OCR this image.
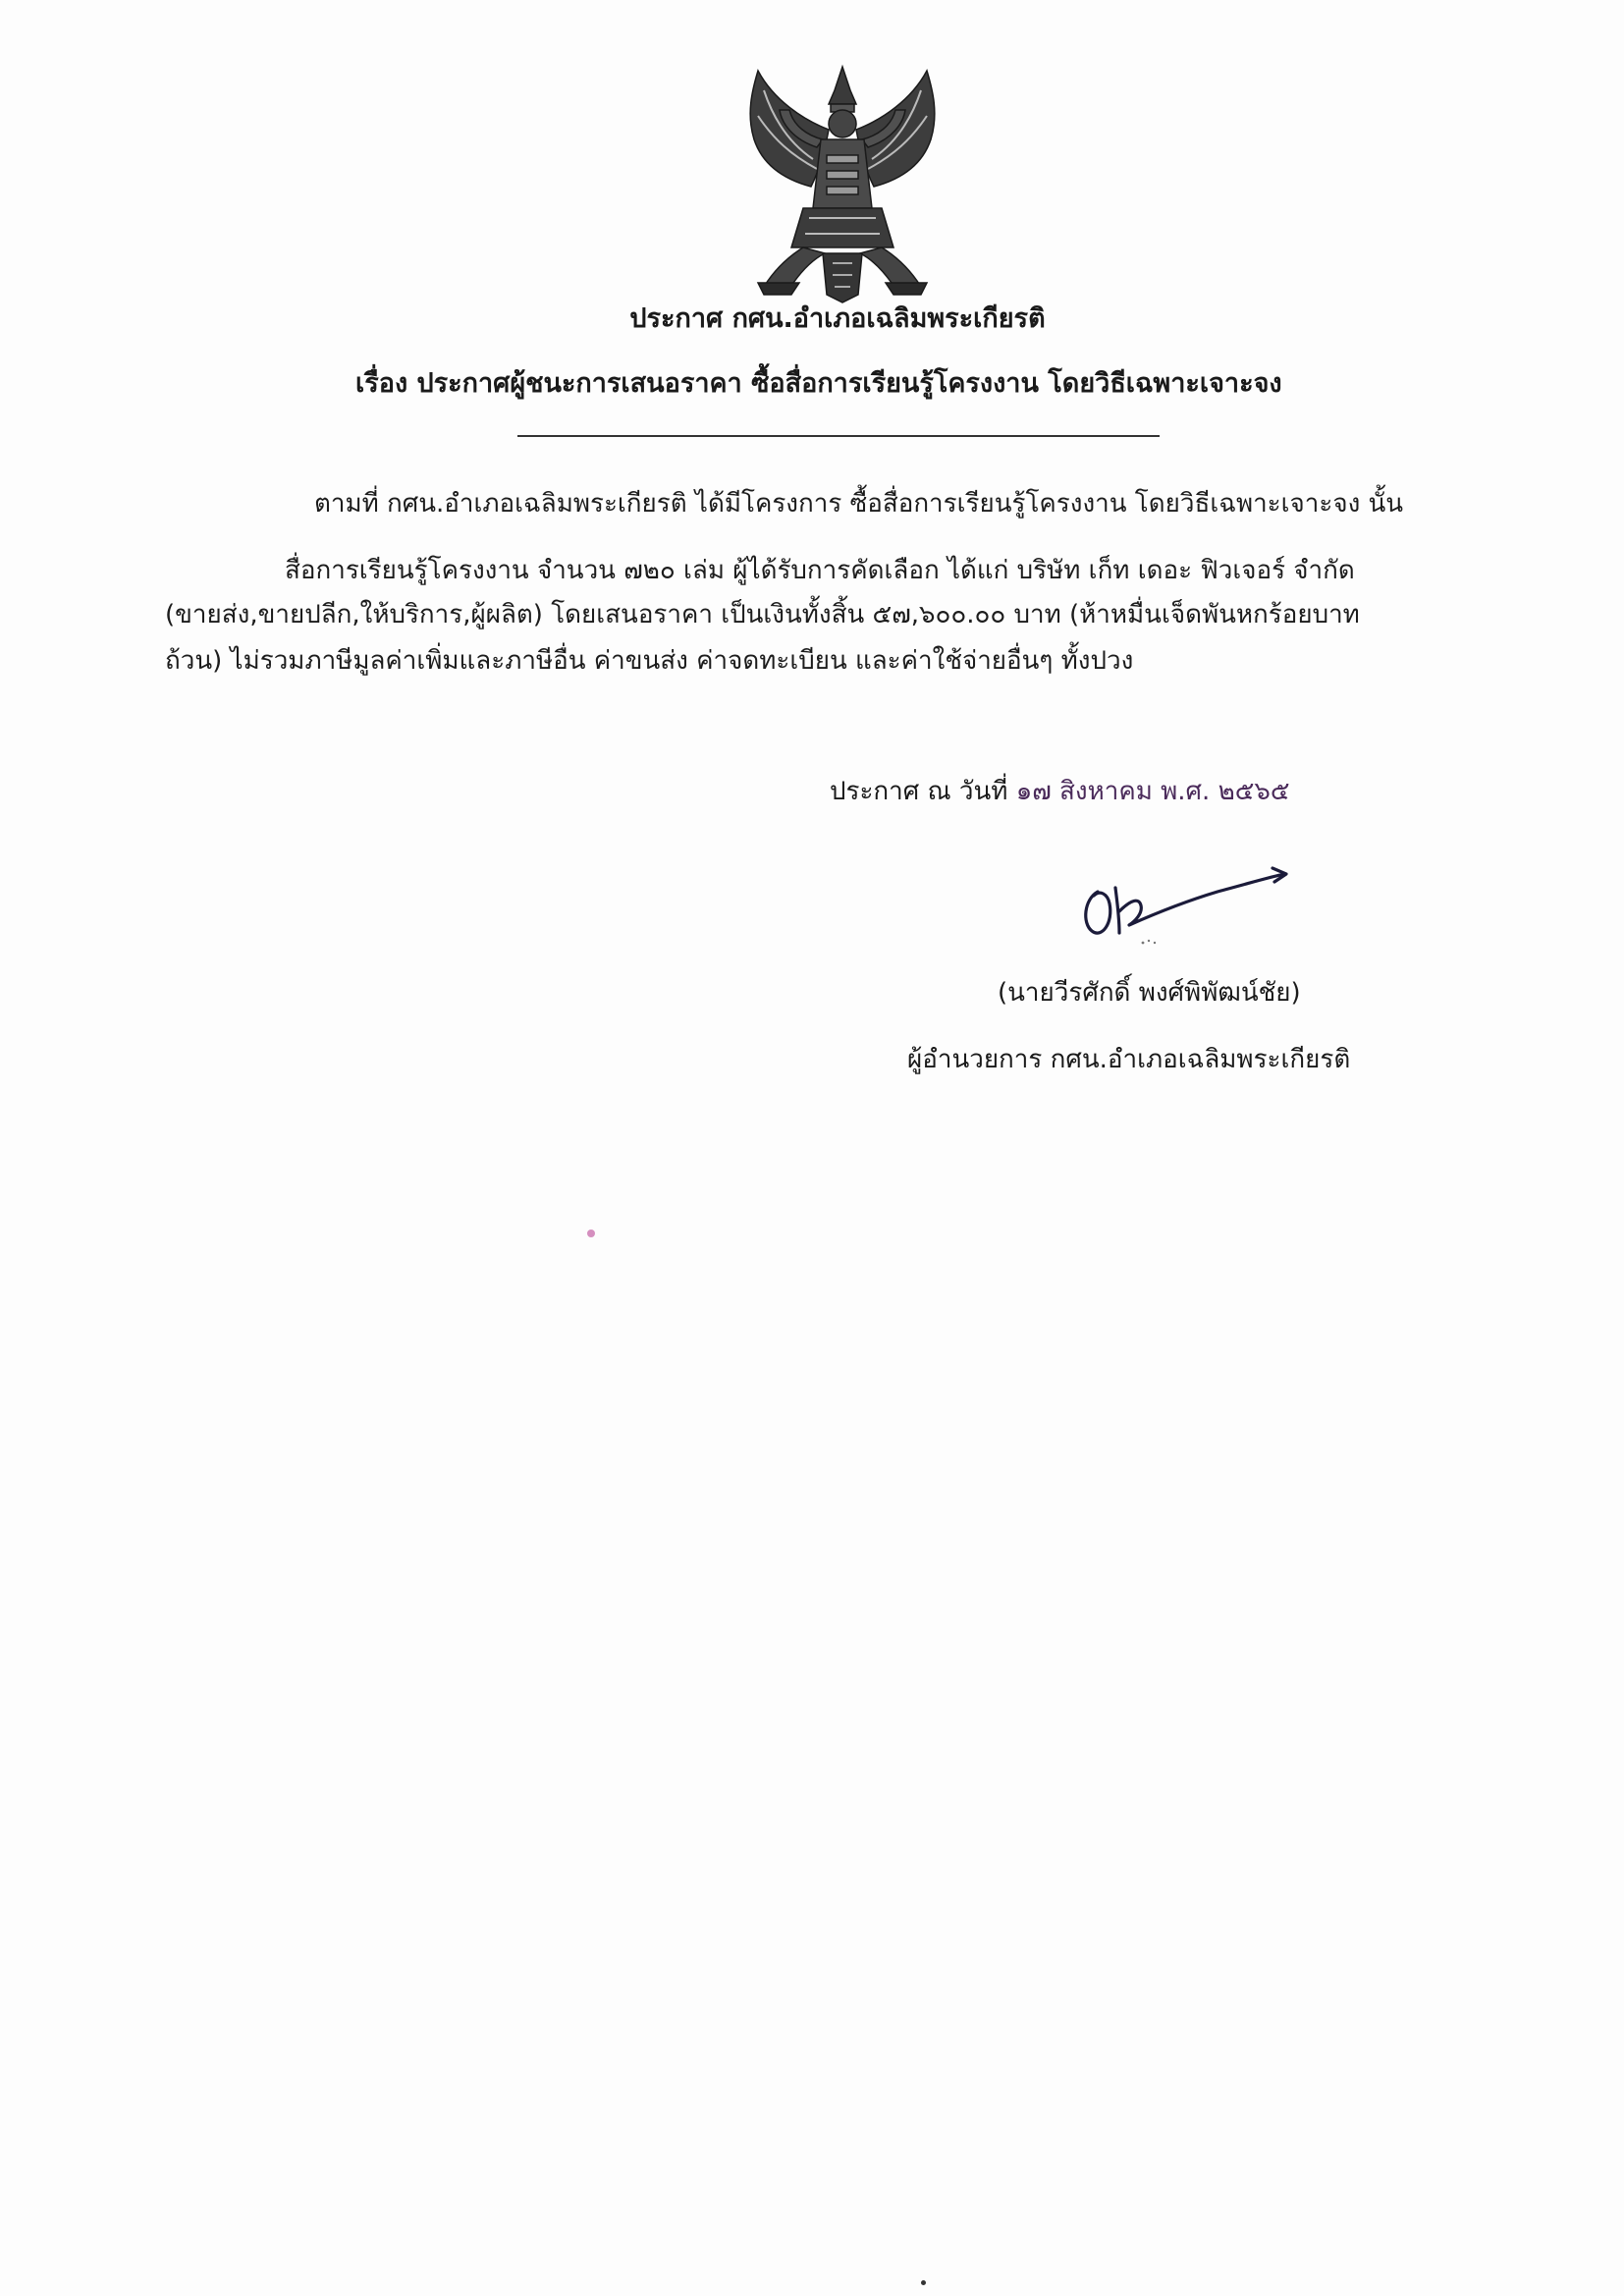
ประกาศ กศน.อำเภอเฉลิมพระเกียรติ
เรื่อง ประกาศผู้ชนะการเสนอราคา ซื้อสื่อการเรียนรู้โครงงาน โดยวิธีเฉพาะเจาะจง
ตามที่ กศน.อำเภอเฉลิมพระเกียรติ ได้มีโครงการ ซื้อสื่อการเรียนรู้โครงงาน โดยวิธีเฉพาะเจาะจง นั้น
สื่อการเรียนรู้โครงงาน จำนวน ๗๒๐ เล่ม ผู้ได้รับการคัดเลือก ได้แก่ บริษัท เก็ท เดอะ ฟิวเจอร์ จำกัด
(ขายส่ง,ขายปลีก,ให้บริการ,ผู้ผลิต) โดยเสนอราคา เป็นเงินทั้งสิ้น ๕๗,๖๐๐.๐๐ บาท (ห้าหมื่นเจ็ดพันหกร้อยบาท
ถ้วน) ไม่รวมภาษีมูลค่าเพิ่มและภาษีอื่น ค่าขนส่ง ค่าจดทะเบียน และค่าใช้จ่ายอื่นๆ ทั้งปวง
ประกาศ ณ วันที่ ๑๗ สิงหาคม พ.ศ. ๒๕๖๕
(นายวีรศักดิ์ พงศ์พิพัฒน์ชัย)
ผู้อำนวยการ กศน.อำเภอเฉลิมพระเกียรติ
